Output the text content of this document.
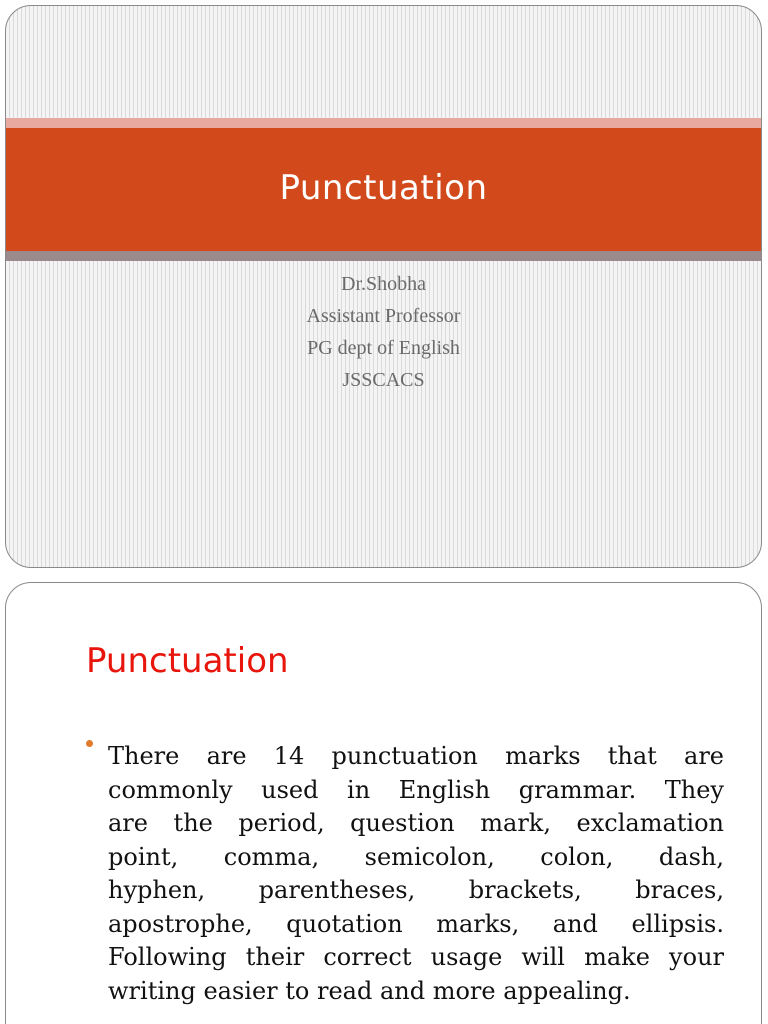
Punctuation
Dr.Shobha
Assistant Professor
PG dept of English
JSSCACS
Punctuation
There are 14 punctuation marks that are
commonly used in English grammar. They
are the period, question mark, exclamation
point, comma, semicolon, colon, dash,
hyphen, parentheses, brackets, braces,
apostrophe, quotation marks, and ellipsis.
Following their correct usage will make your
writing easier to read and more appealing.
